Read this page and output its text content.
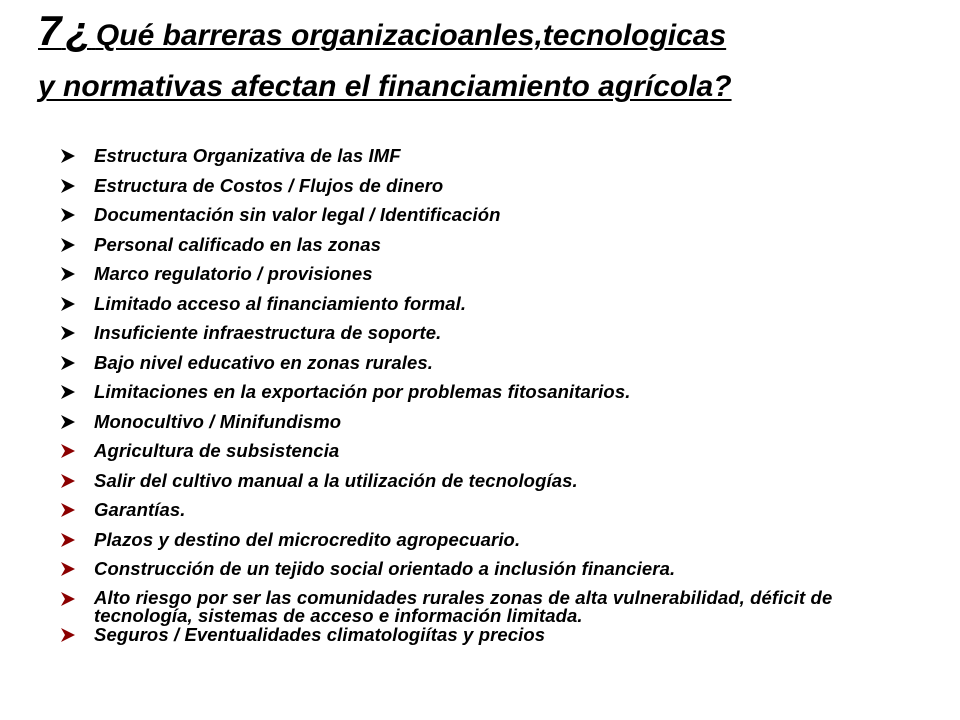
7 ¿ Qué barreras organizacioanles,tecnologicas
y normativas afectan el financiamiento agrícola?
Estructura Organizativa de las IMF
Estructura de Costos / Flujos de dinero
Documentación sin valor legal / Identificación
Personal calificado en las zonas
Marco regulatorio / provisiones
Limitado acceso al financiamiento formal.
Insuficiente infraestructura de soporte.
Bajo nivel educativo en zonas rurales.
Limitaciones en la exportación por problemas fitosanitarios.
Monocultivo / Minifundismo
Agricultura de subsistencia
Salir del cultivo manual a la utilización de tecnologías.
Garantías.
Plazos y destino del microcredito agropecuario.
Construcción de un tejido social orientado a inclusión financiera.
Alto riesgo por ser las comunidades rurales zonas de alta vulnerabilidad, déficit de tecnología, sistemas de acceso e información limitada.
Seguros / Eventualidades climatologiítas y precios
